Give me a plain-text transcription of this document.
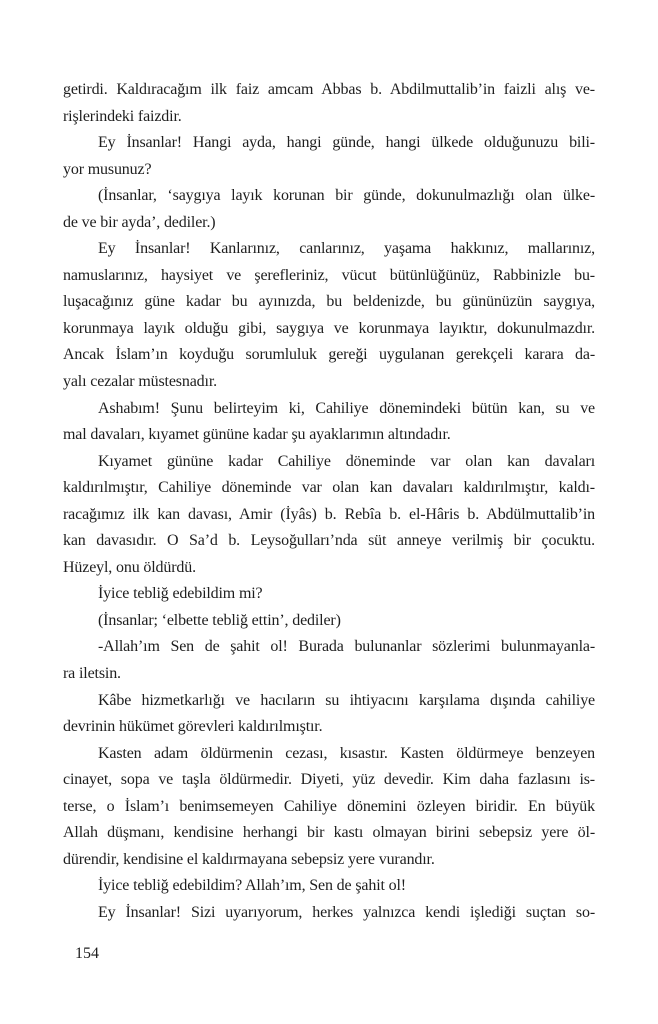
getirdi. Kaldıracağım ilk faiz amcam Abbas b. Abdilmuttalib’in faizli alış ve-
rişlerindeki faizdir.
Ey İnsanlar! Hangi ayda, hangi günde, hangi ülkede olduğunuzu bili-
yor musunuz?
(İnsanlar, ‘saygıya layık korunan bir günde, dokunulmazlığı olan ülke-
de ve bir ayda’, dediler.)
Ey İnsanlar! Kanlarınız, canlarınız, yaşama hakkınız, mallarınız,
namuslarınız, haysiyet ve şerefleriniz, vücut bütünlüğünüz, Rabbinizle bu-
luşacağınız güne kadar bu ayınızda, bu beldenizde, bu gününüzün saygıya,
korunmaya layık olduğu gibi, saygıya ve korunmaya layıktır, dokunulmazdır.
Ancak İslam’ın koyduğu sorumluluk gereği uygulanan gerekçeli karara da-
yalı cezalar müstesnadır.
Ashabım! Şunu belirteyim ki, Cahiliye dönemindeki bütün kan, su ve
mal davaları, kıyamet gününe kadar şu ayaklarımın altındadır.
Kıyamet gününe kadar Cahiliye döneminde var olan kan davaları
kaldırılmıştır, Cahiliye döneminde var olan kan davaları kaldırılmıştır, kaldı-
racağımız ilk kan davası, Amir (İyâs) b. Rebîa b. el-Hâris b. Abdülmuttalib’in
kan davasıdır. O Sa’d b. Leysoğulları’nda süt anneye verilmiş bir çocuktu.
Hüzeyl, onu öldürdü.
İyice tebliğ edebildim mi?
(İnsanlar; ‘elbette tebliğ ettin’, dediler)
-Allah’ım Sen de şahit ol! Burada bulunanlar sözlerimi bulunmayanla-
ra iletsin.
Kâbe hizmetkarlığı ve hacıların su ihtiyacını karşılama dışında cahiliye
devrinin hükümet görevleri kaldırılmıştır.
Kasten adam öldürmenin cezası, kısastır. Kasten öldürmeye benzeyen
cinayet, sopa ve taşla öldürmedir. Diyeti, yüz devedir. Kim daha fazlasını is-
terse, o İslam’ı benimsemeyen Cahiliye dönemini özleyen biridir. En büyük
Allah düşmanı, kendisine herhangi bir kastı olmayan birini sebepsiz yere öl-
dürendir, kendisine el kaldırmayana sebepsiz yere vurandır.
İyice tebliğ edebildim? Allah’ım, Sen de şahit ol!
Ey İnsanlar! Sizi uyarıyorum, herkes yalnızca kendi işlediği suçtan so-
154
